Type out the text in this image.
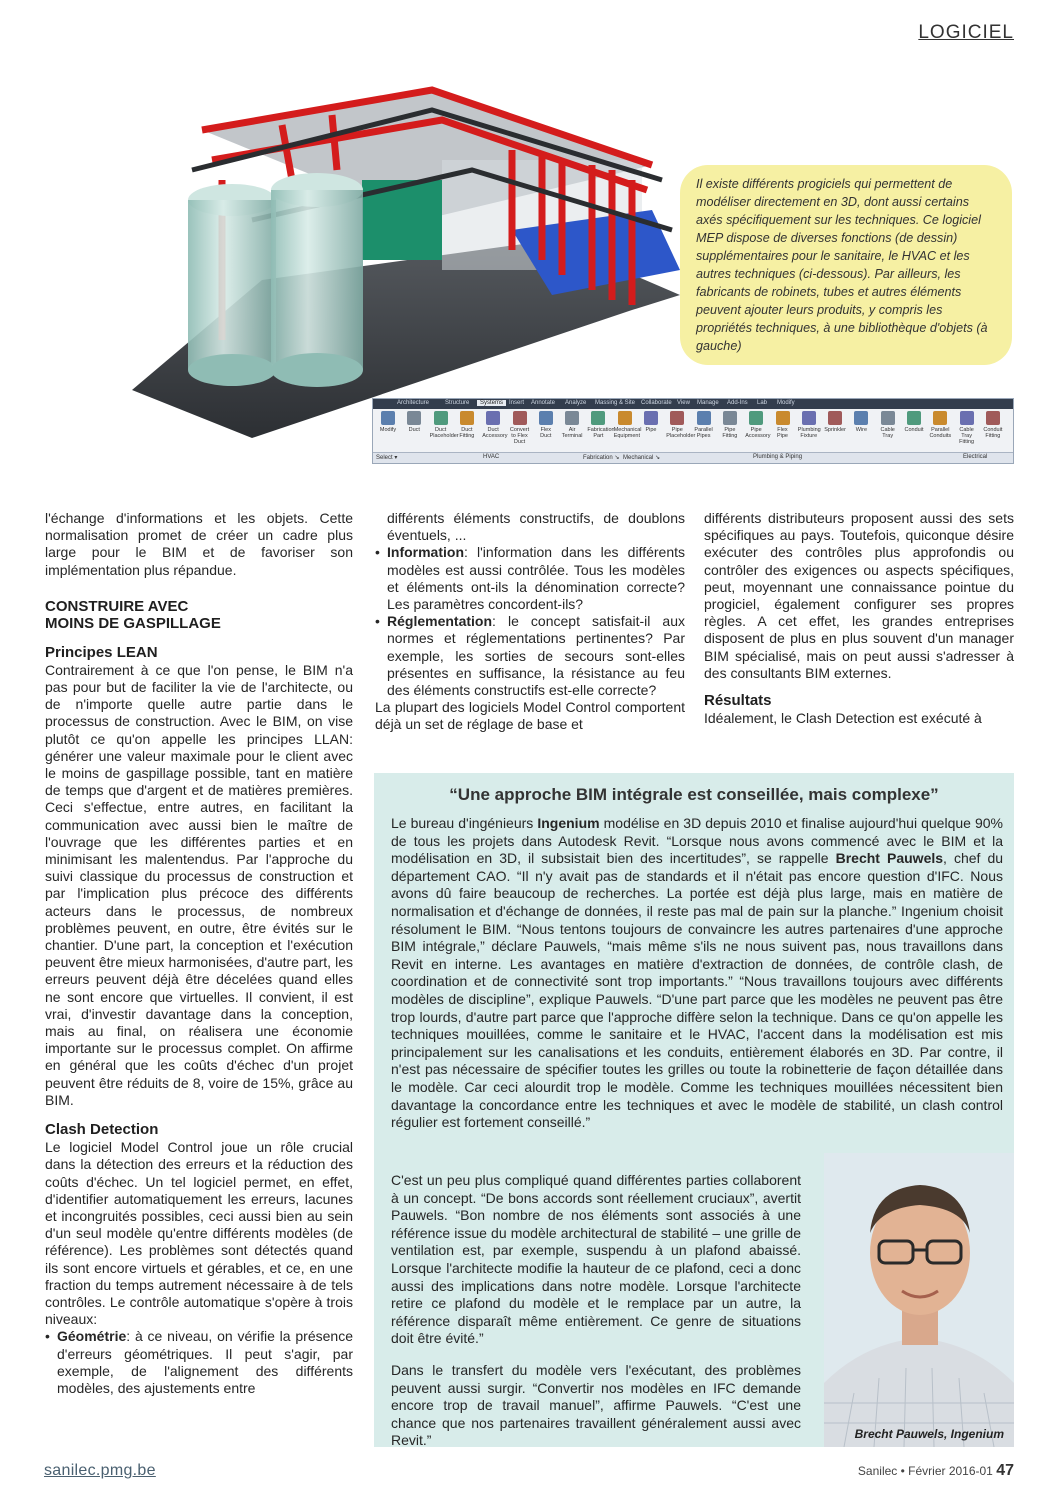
LOGICIEL
Il existe différents progiciels qui permettent de modéliser directement en 3D, dont aussi certains axés spécifiquement sur les techniques. Ce logiciel MEP dispose de diverses fonctions (de dessin) supplémentaires pour le sanitaire, le HVAC et les autres techniques (ci-dessous). Par ailleurs, les fabricants de robinets, tubes et autres éléments peuvent ajouter leurs produits, y compris les propriétés techniques, à une bibliothèque d'objets (à gauche)
Architecture	Structure	Systems Insert Annotate Analyze Massing & Site Collaborate View Manage Add-Ins Lab Modify
Modify	Duct	Duct Placeholder
Duct Fitting
Duct Accessory
Convert to Flex Duct
Flex Duct
Air Terminal
Fabrication Part
Mechanical Equipment
Pipe	Pipe Placeholder
Parallel Pipes
Pipe Fitting
Pipe Accessory
Flex Pipe
Plumbing Fixture
Sprinkler	Wire	Cable Tray
Conduit	Parallel Conduits
Cable Tray Fitting
Conduit Fitting
Select ▾	HVAC	Fabrication ↘ Mechanical ↘	Plumbing & Piping	Electrical

l'échange d'informations et les objets. Cette normalisation promet de créer un cadre plus large pour le BIM et de favoriser son implémentation plus répandue.

CONSTRUIRE AVEC
MOINS DE GASPILLAGE
Principes LEAN

Contrairement à ce que l'on pense, le BIM n'a pas pour but de faciliter la vie de l'architecte, ou de n'importe quelle autre partie dans le processus de construction. Avec le BIM, on vise plutôt ce qu'on appelle les principes LLAN: générer une valeur maximale pour le client avec le moins de gaspillage possible, tant en matière de temps que d'argent et de matières premières. Ceci s'effectue, entre autres, en facilitant la communication avec aussi bien le maître de l'ouvrage que les différentes parties et en minimisant les malentendus. Par l'approche du suivi classique du processus de construction et par l'implication plus précoce des différents acteurs dans le processus, de nombreux problèmes peuvent, en outre, être évités sur le chantier. D'une part, la conception et l'exécution peuvent être mieux harmonisées, d'autre part, les erreurs peuvent déjà être décelées quand elles ne sont encore que virtuelles. Il convient, il est vrai, d'investir davantage dans la conception, mais au final, on réalisera une économie importante sur le processus complet. On affirme en général que les coûts d'échec d'un projet peuvent être réduits de 8, voire de 15%, grâce au BIM.

Clash Detection

Le logiciel Model Control joue un rôle crucial dans la détection des erreurs et la réduction des coûts d'échec. Un tel logiciel permet, en effet, d'identifier automatiquement les erreurs, lacunes et incongruités possibles, ceci aussi bien au sein d'un seul modèle qu'entre différents modèles (de référence). Les problèmes sont détectés quand ils sont encore virtuels et gérables, et ce, en une fraction du temps autrement nécessaire à de tels contrôles. Le contrôle automatique s'opère à trois niveaux:

• Géométrie: à ce niveau, on vérifie la présence d'erreurs géométriques. Il peut s'agir, par exemple, de l'alignement des différents modèles, des ajustements entre

différents éléments constructifs, de doublons éventuels, ...

• Information: l'information dans les différents modèles est aussi contrôlée. Tous les modèles et éléments ont-ils la dénomination correcte? Les paramètres concordent-ils?
• Réglementation: le concept satisfait-il aux normes et réglementations pertinentes? Par exemple, les sorties de secours sont-elles présentes en suffisance, la résistance au feu des éléments constructifs est-elle correcte?

La plupart des logiciels Model Control comportent déjà un set de réglage de base et

différents distributeurs proposent aussi des sets spécifiques au pays. Toutefois, quiconque désire exécuter des contrôles plus approfondis ou contrôler des exigences ou aspects spécifiques, peut, moyennant une connaissance pointue du progiciel, également configurer ses propres règles. A cet effet, les grandes entreprises disposent de plus en plus souvent d'un manager BIM spécialisé, mais on peut aussi s'adresser à des consultants BIM externes.

Résultats

Idéalement, le Clash Detection est exécuté à

“Une approche BIM intégrale est conseillée, mais complexe”

Le bureau d'ingénieurs Ingenium modélise en 3D depuis 2010 et finalise aujourd'hui quelque 90% de tous les projets dans Autodesk Revit. “Lorsque nous avons commencé avec le BIM et la modélisation en 3D, il subsistait bien des incertitudes”, se rappelle Brecht Pauwels, chef du département CAO. “Il n'y avait pas de standards et il n'était pas encore question d'IFC. Nous avons dû faire beaucoup de recherches. La portée est déjà plus large, mais en matière de normalisation et d'échange de données, il reste pas mal de pain sur la planche.” Ingenium choisit résolument le BIM. “Nous tentons toujours de convaincre les autres partenaires d'une approche BIM intégrale,” déclare Pauwels, “mais même s'ils ne nous suivent pas, nous travaillons dans Revit en interne. Les avantages en matière d'extraction de données, de contrôle clash, de coordination et de connectivité sont trop importants.” “Nous travaillons toujours avec différents modèles de discipline”, explique Pauwels. “D'une part parce que les modèles ne peuvent pas être trop lourds, d'autre part parce que l'approche diffère selon la technique. Dans ce qu'on appelle les techniques mouillées, comme le sanitaire et le HVAC, l'accent dans la modélisation est mis principalement sur les canalisations et les conduits, entièrement élaborés en 3D. Par contre, il n'est pas nécessaire de spécifier toutes les grilles ou toute la robinetterie de façon détaillée dans le modèle. Car ceci alourdit trop le modèle. Comme les techniques mouillées nécessitent bien davantage la concordance entre les techniques et avec le modèle de stabilité, un clash control régulier est fortement conseillé.”

C'est un peu plus compliqué quand différentes parties collaborent à un concept. “De bons accords sont réellement cruciaux”, avertit Pauwels. “Bon nombre de nos éléments sont associés à une référence issue du modèle architectural de stabilité – une grille de ventilation est, par exemple, suspendu à un plafond abaissé. Lorsque l'architecte modifie la hauteur de ce plafond, ceci a donc aussi des implications dans notre modèle. Lorsque l'architecte retire ce plafond du modèle et le remplace par un autre, la référence disparaît même entièrement. Ce genre de situations doit être évité.”

Dans le transfert du modèle vers l'exécutant, des problèmes peuvent aussi surgir. “Convertir nos modèles en IFC demande encore trop de travail manuel”, affirme Pauwels. “C'est une chance que nos partenaires travaillent généralement aussi avec Revit.”	Brecht Pauwels, Ingenium
sanilec.pmg.be	Sanilec • Février 2016-01 47
